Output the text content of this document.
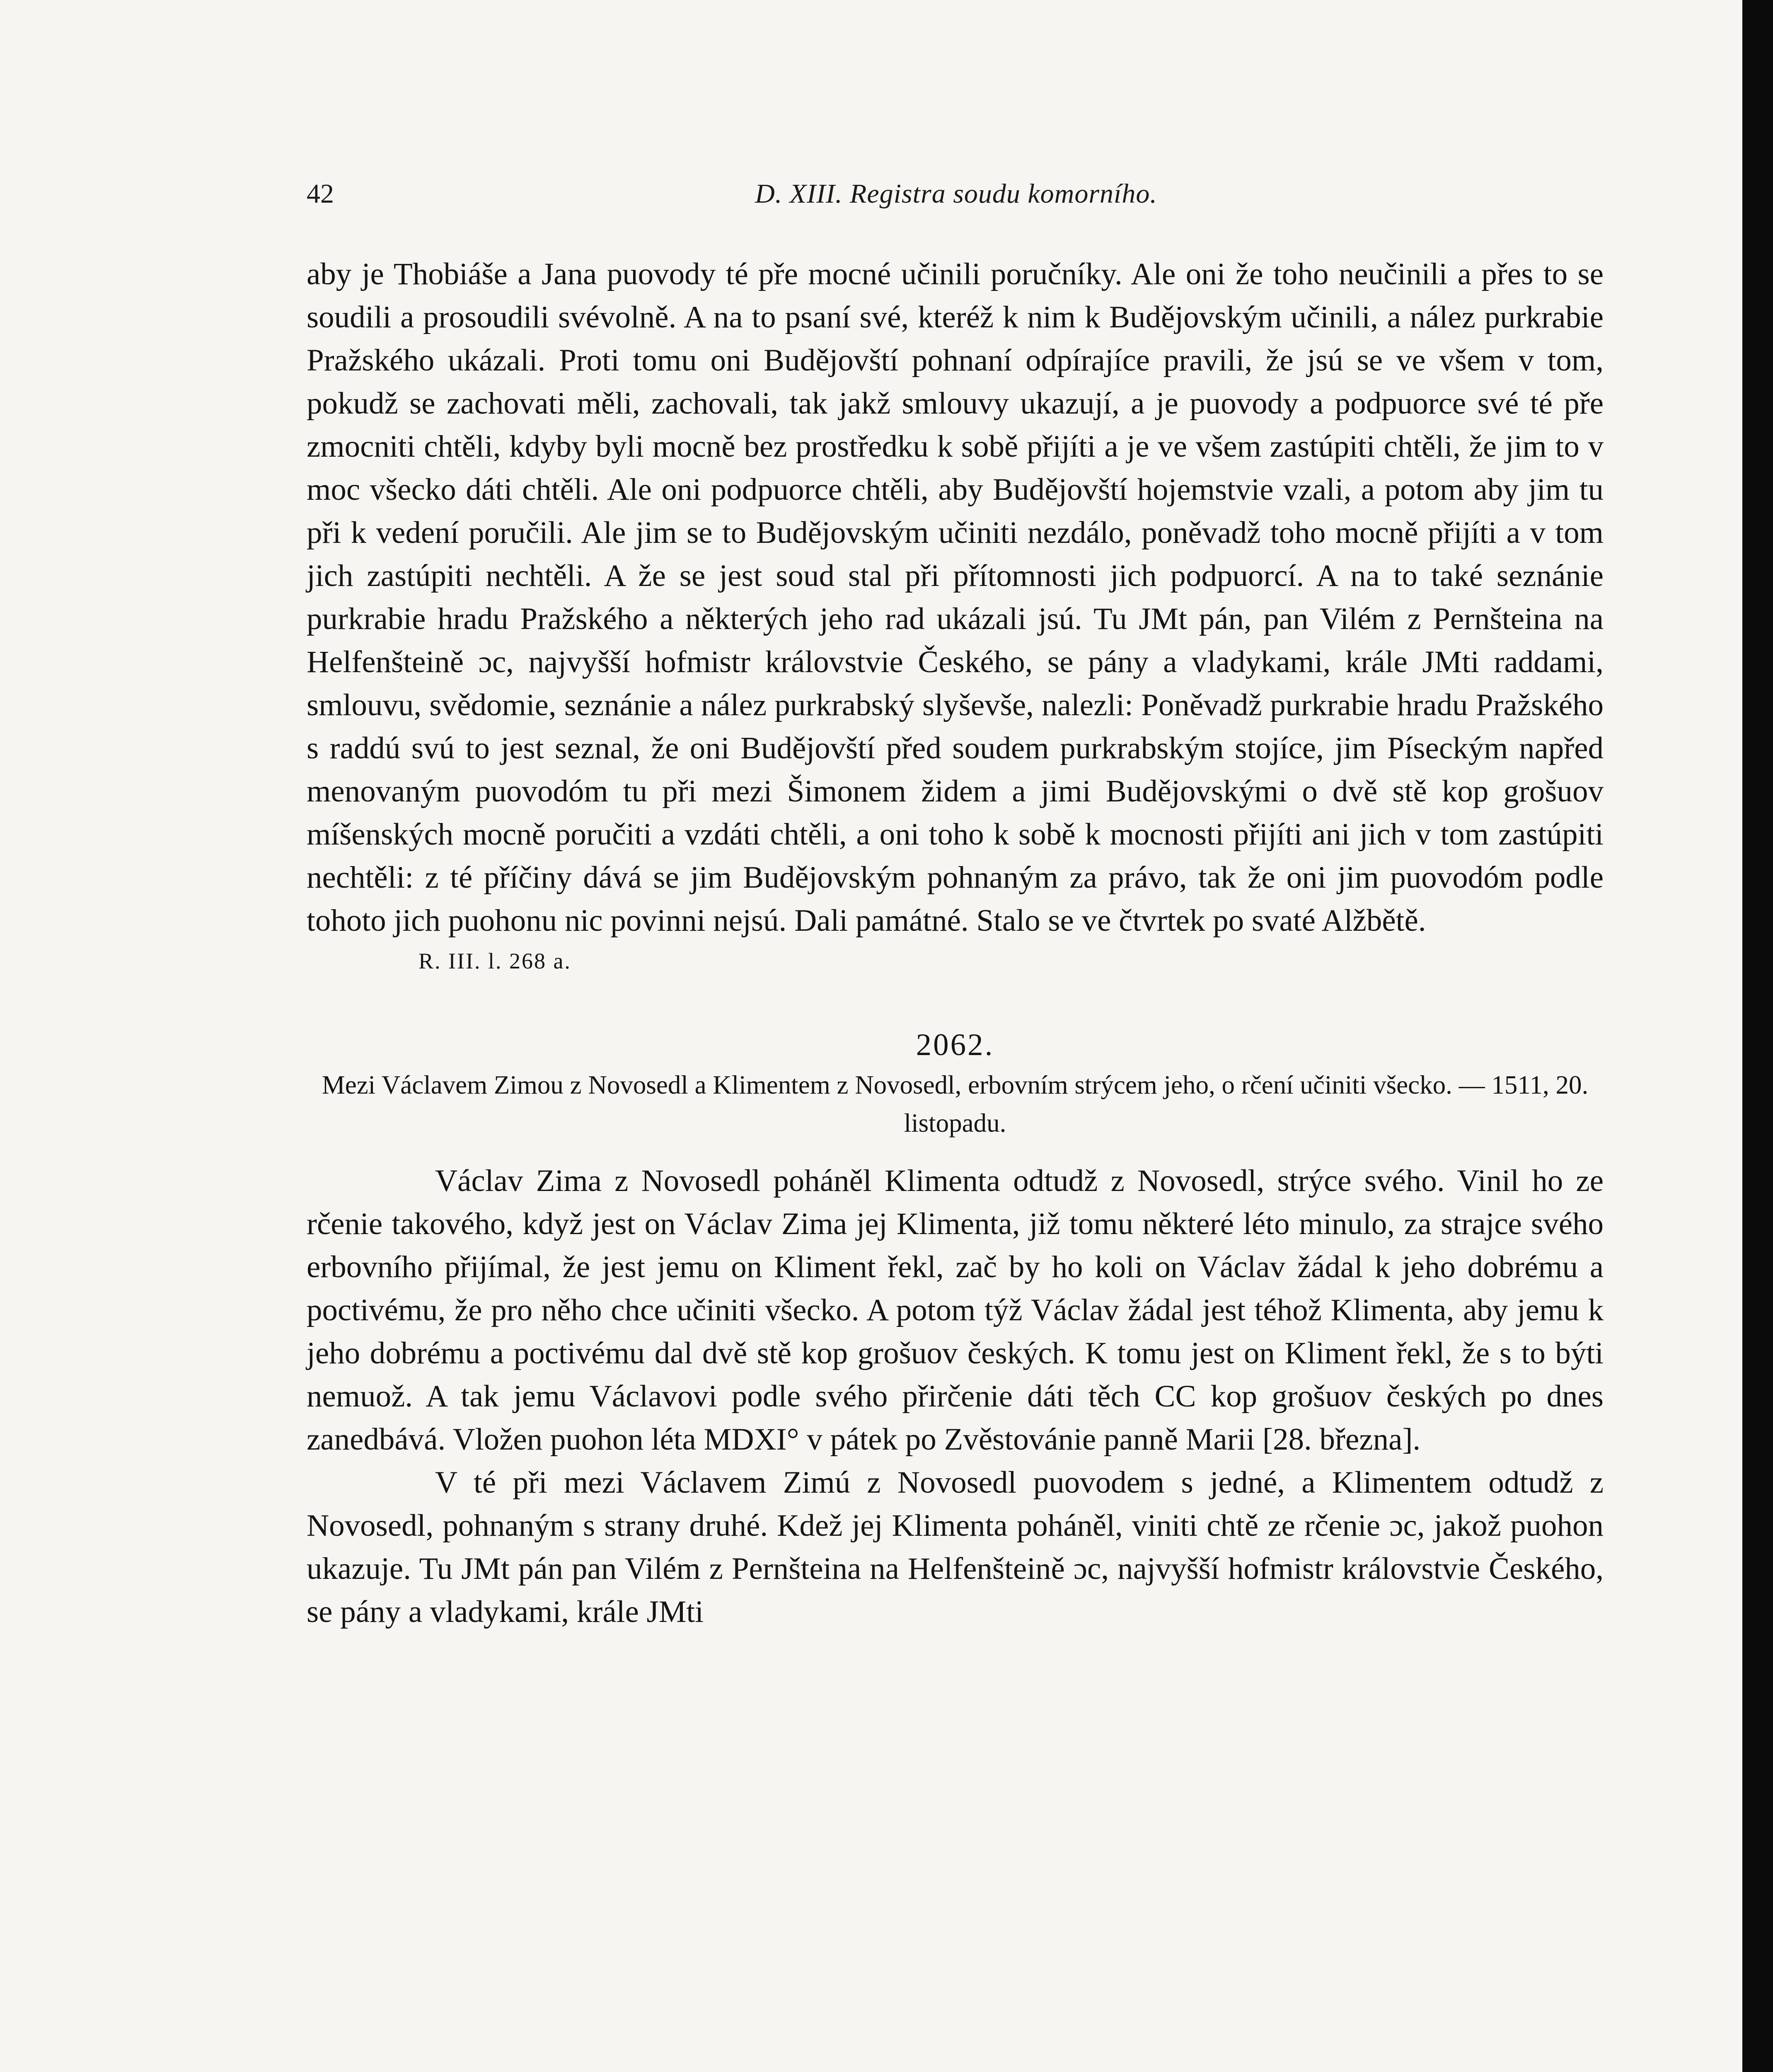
42	D. XIII. Registra soudu komorního.

aby je Thobiáše a Jana puovody té pře mocné učinili poručníky. Ale oni že toho neučinili a přes to se soudili a prosoudili svévolně. A na to psaní své, kteréž k nim k Budějovským učinili, a nález purkrabie Pražského ukázali. Proti tomu oni Budějovští pohnaní odpírajíce pravili, že jsú se ve všem v tom, pokudž se zachovati měli, zachovali, tak jakž smlouvy ukazují, a je puovody a podpuorce své té pře zmocniti chtěli, kdyby byli mocně bez prostředku k sobě přijíti a je ve všem zastúpiti chtěli, že jim to v moc všecko dáti chtěli. Ale oni podpuorce chtěli, aby Budějovští hojemstvie vzali, a potom aby jim tu při k vedení poručili. Ale jim se to Budějovským učiniti nezdálo, poněvadž toho mocně přijíti a v tom jich zastúpiti nechtěli. A že se jest soud stal při přítomnosti jich podpuorcí. A na to také seznánie purkrabie hradu Pražského a některých jeho rad ukázali jsú. Tu JMt pán, pan Vilém z Pernšteina na Helfenšteině ɔc, najvyšší hofmistr královstvie Českého, se pány a vladykami, krále JMti raddami, smlouvu, svědomie, seznánie a nález purkrabský slyševše, nalezli: Poněvadž purkrabie hradu Pražského s raddú svú to jest seznal, že oni Budějovští před soudem purkrabským stojíce, jim Píseckým napřed menovaným puovodóm tu při mezi Šimonem židem a jimi Budějovskými o dvě stě kop grošuov míšenských mocně poručiti a vzdáti chtěli, a oni toho k sobě k mocnosti přijíti ani jich v tom zastúpiti nechtěli: z té příčiny dává se jim Budějovským pohnaným za právo, tak že oni jim puovodóm podle tohoto jich puohonu nic povinni nejsú. Dali památné. Stalo se ve čtvrtek po svaté Alžbětě.

R. III. l. 268 a.

2062.
Mezi Václavem Zimou z Novosedl a Klimentem z Novosedl, erbovním strýcem jeho, o rčení učiniti všecko. — 1511, 20. listopadu.

Václav Zima z Novosedl poháněl Klimenta odtudž z Novosedl, strýce svého. Vinil ho ze rčenie takového, když jest on Václav Zima jej Klimenta, již tomu některé léto minulo, za strajce svého erbovního přijímal, že jest jemu on Kliment řekl, zač by ho koli on Václav žádal k jeho dobrému a poctivému, že pro něho chce učiniti všecko. A potom týž Václav žádal jest téhož Klimenta, aby jemu k jeho dobrému a poctivému dal dvě stě kop grošuov českých. K tomu jest on Kliment řekl, že s to býti nemuož. A tak jemu Václavovi podle svého přirčenie dáti těch CC kop grošuov českých po dnes zanedbává. Vložen puohon léta MDXI° v pátek po Zvěstovánie panně Marii [28. března].

V té při mezi Václavem Zimú z Novosedl puovodem s jedné, a Klimentem odtudž z Novosedl, pohnaným s strany druhé. Kdež jej Klimenta poháněl, viniti chtě ze rčenie ɔc, jakož puohon ukazuje. Tu JMt pán pan Vilém z Pernšteina na Helfenšteině ɔc, najvyšší hofmistr královstvie Českého, se pány a vladykami, krále JMti
